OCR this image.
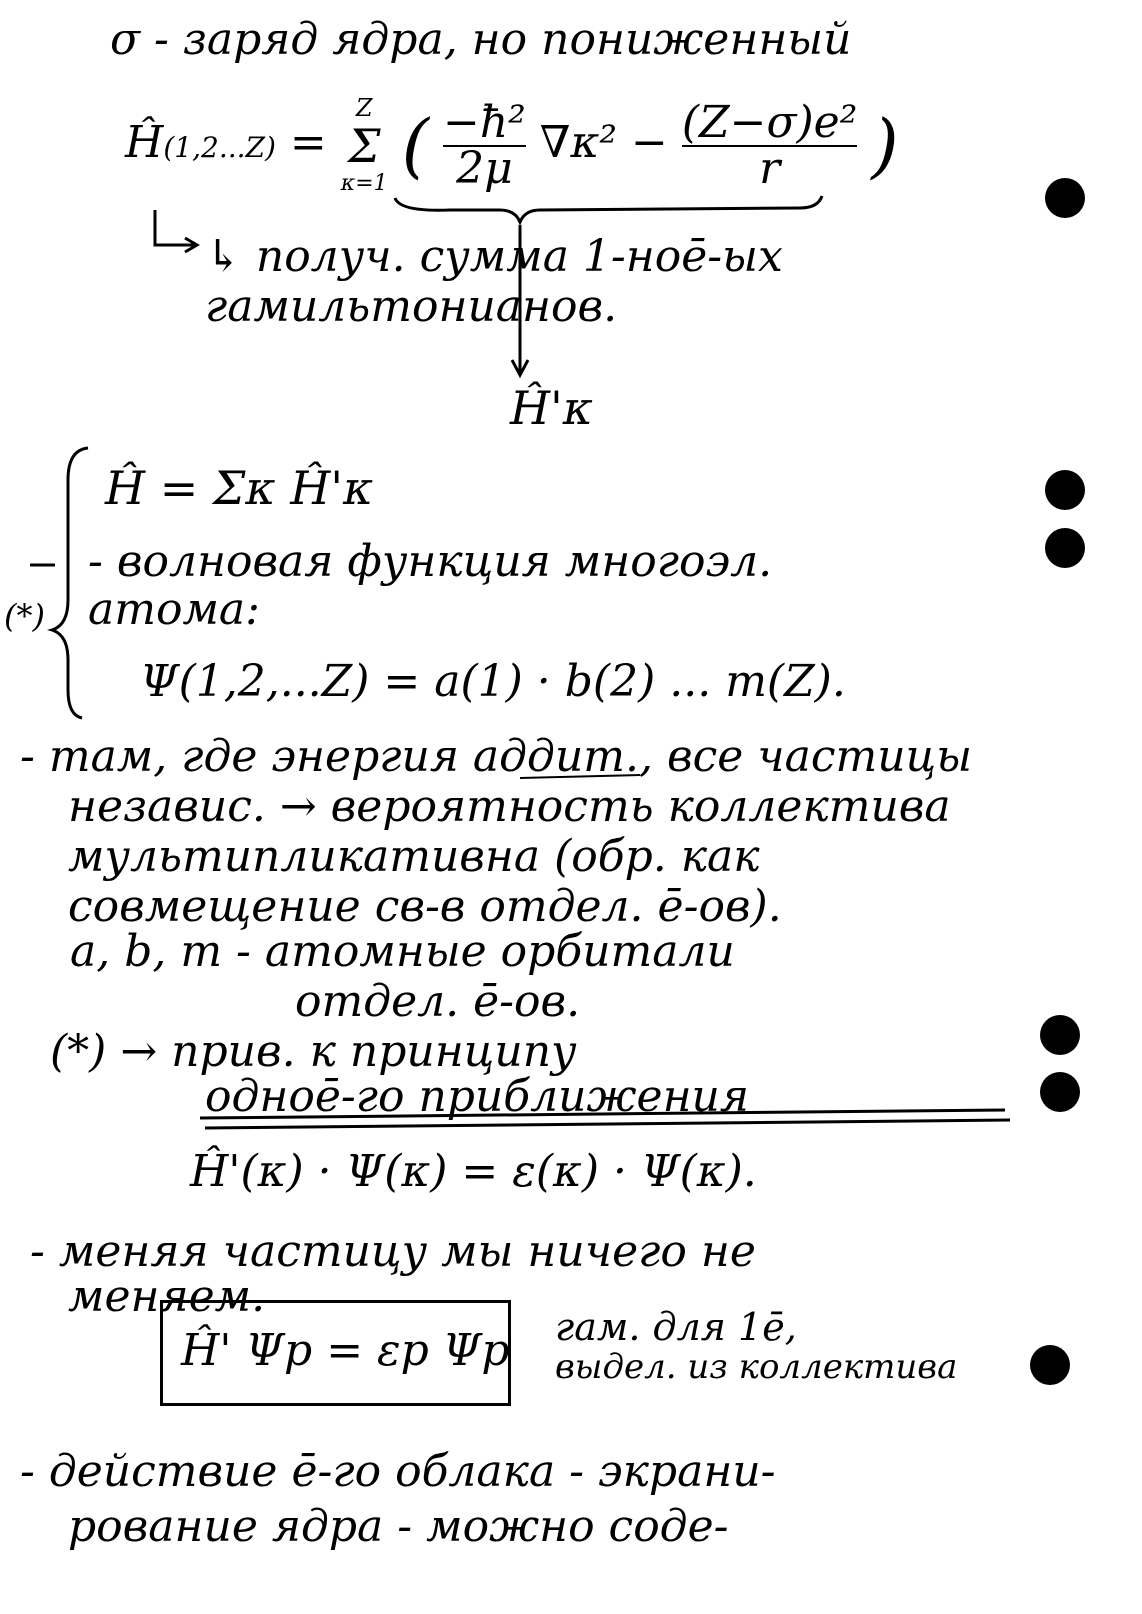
σ - заряд ядра, но пониженный
Ĥ(1,2...Z) =
Z
Σ
κ=1 ( $\frac{\text{−ħ²}}{2\mu} \nabla\kappa^2 - \frac{\text{(Z−σ)e²}}{r}$ )
↳ получ. сумма 1-ноē-ых
гамильтонианов.
Ĥ'κ
Ĥ = Σκ Ĥ'κ
- волновая функция многоэл.
атома:
(*)
Ψ(1,2,...Z) = a(1) · b(2) ... m(Z).
- там, где энергия аддит., все частицы
независ. → вероятность коллектива
мультипликативна (обр. как
совмещение св-в отдел. ē-ов).
a, b, m - атомные орбитали
отдел. ē-ов.
(*) → прив. к принципу
одноē-го приближения
Ĥ'(κ) · Ψ(κ) = ε(κ) · Ψ(κ).
- меняя частицу мы ничего не
меняем.
Ĥ' Ψp = εp Ψp гам. для 1ē,
выдел. из коллектива
- действие ē-го облака - экрани-
рование ядра - можно соде-
